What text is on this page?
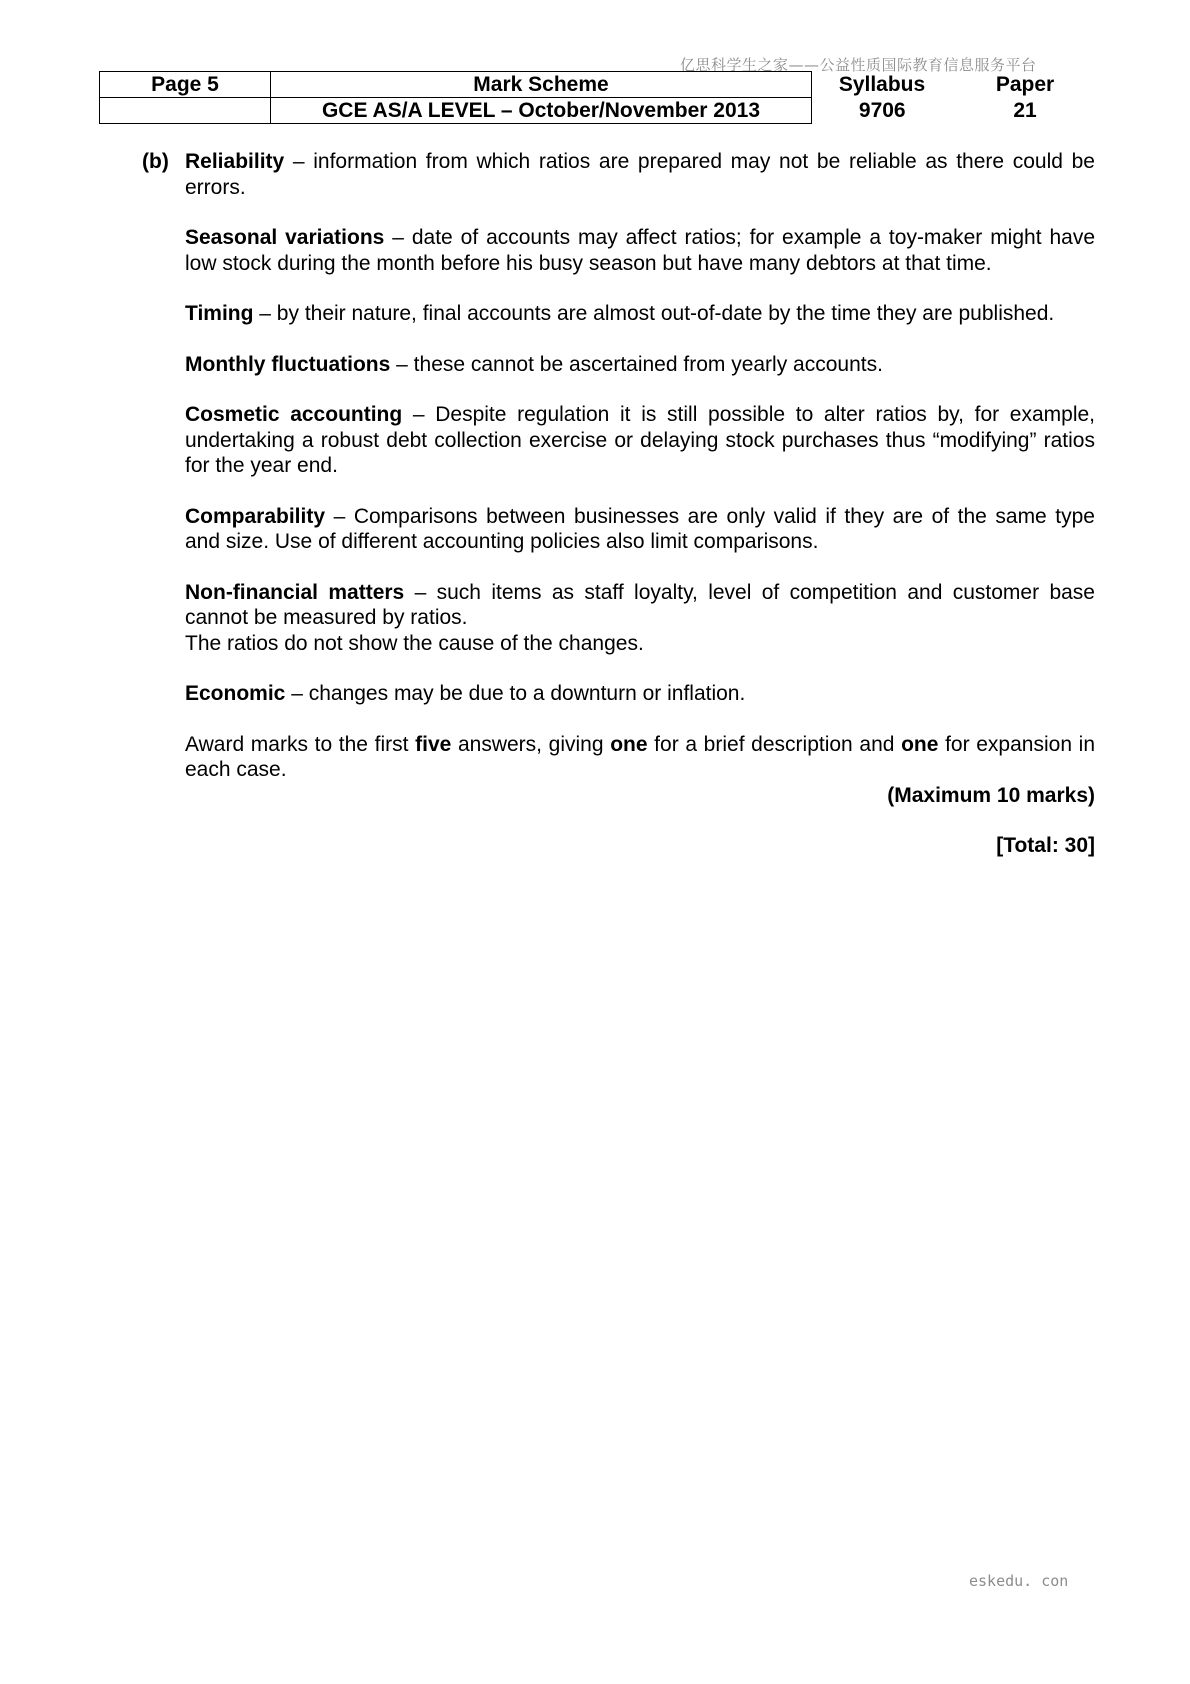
亿思科学生之家——公益性质国际教育信息服务平台
Page 5	Mark Scheme	Syllabus	Paper
	GCE AS/A LEVEL – October/November 2013	9706	21
(b) Reliability – information from which ratios are prepared may not be reliable as there could be errors.

Seasonal variations – date of accounts may affect ratios; for example a toy-maker might have low stock during the month before his busy season but have many debtors at that time.

Timing – by their nature, final accounts are almost out-of-date by the time they are published.

Monthly fluctuations – these cannot be ascertained from yearly accounts.

Cosmetic accounting – Despite regulation it is still possible to alter ratios by, for example, undertaking a robust debt collection exercise or delaying stock purchases thus “modifying” ratios for the year end.

Comparability – Comparisons between businesses are only valid if they are of the same type and size. Use of different accounting policies also limit comparisons.

Non-financial matters – such items as staff loyalty, level of competition and customer base cannot be measured by ratios.

The ratios do not show the cause of the changes.

Economic – changes may be due to a downturn or inflation.

Award marks to the first five answers, giving one for a brief description and one for expansion in each case.

(Maximum 10 marks)

[Total: 30]

eskedu. con
